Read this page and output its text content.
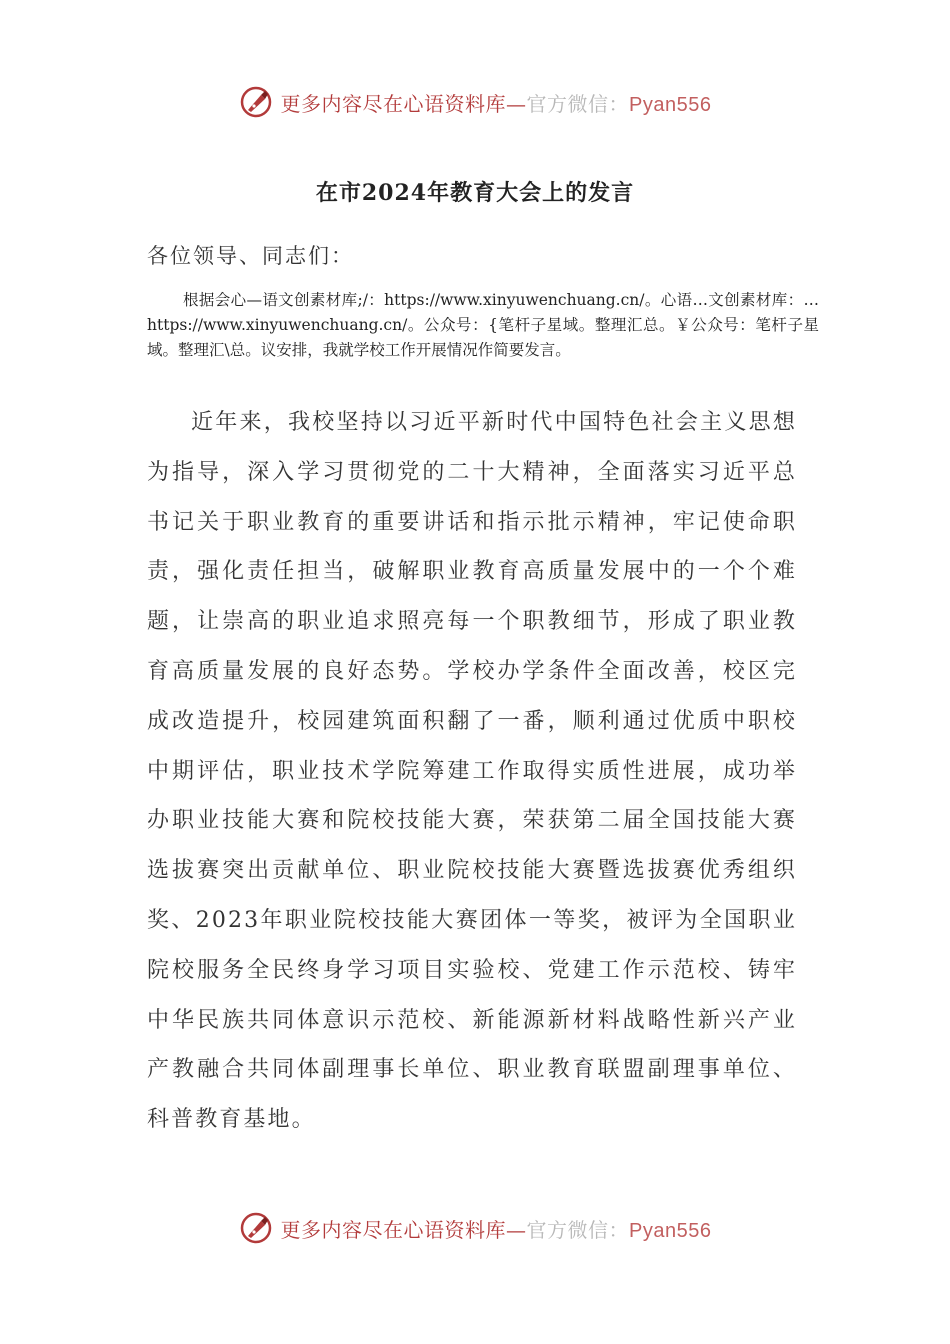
更多内容尽在心语资料库—官方微信：Pyan556
在市2024年教育大会上的发言

各位领导、同志们：

根据会心—语文创素材库;/：https://www.xinyuwenchuang.cn/。心语…文创素材库：…https://www.xinyuwenchuang.cn/。公众号：{笔杆子星域。整理汇总。￥公众号：笔杆子星域。整理汇\总。议安排，我就学校工作开展情况作简要发言。

近年来，我校坚持以习近平新时代中国特色社会主义思想为指导，深入学习贯彻党的二十大精神，全面落实习近平总书记关于职业教育的重要讲话和指示批示精神，牢记使命职责，强化责任担当，破解职业教育高质量发展中的一个个难题，让崇高的职业追求照亮每一个职教细节，形成了职业教育高质量发展的良好态势。学校办学条件全面改善，校区完成改造提升，校园建筑面积翻了一番，顺利通过优质中职校中期评估，职业技术学院筹建工作取得实质性进展，成功举办职业技能大赛和院校技能大赛，荣获第二届全国技能大赛选拔赛突出贡献单位、职业院校技能大赛暨选拔赛优秀组织奖、2023年职业院校技能大赛团体一等奖，被评为全国职业院校服务全民终身学习项目实验校、党建工作示范校、铸牢中华民族共同体意识示范校、新能源新材料战略性新兴产业产教融合共同体副理事长单位、职业教育联盟副理事单位、科普教育基地。

更多内容尽在心语资料库—官方微信：Pyan556
